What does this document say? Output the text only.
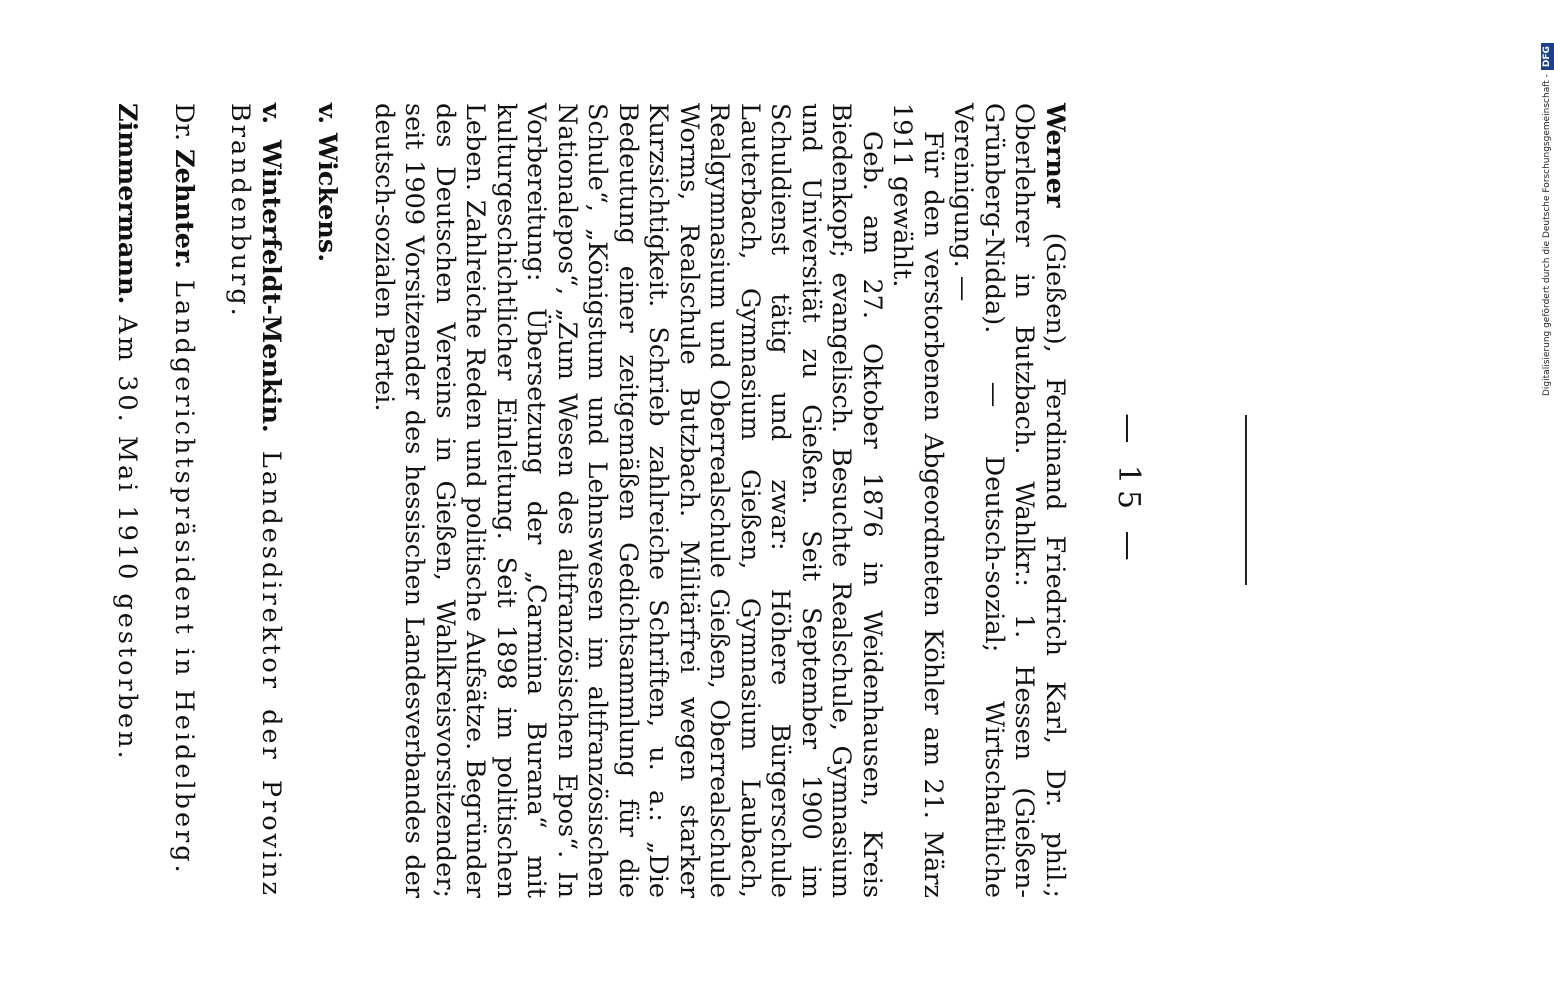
— 15 —

Werner (Gießen), Ferdinand Friedrich Karl, Dr. phil.; Oberlehrer in Butzbach. Wahlkr.: 1. Hessen (Gießen-Grünberg-Nidda). — Deutsch-sozial; Wirtschaftliche Vereinigung. —

Für den verstorbenen Abgeordneten Köhler am 21. März 1911 gewählt.

Geb. am 27. Oktober 1876 in Weidenhausen, Kreis Biedenkopf; evangelisch. Besuchte Realschule, Gymnasium und Universität zu Gießen. Seit September 1900 im Schuldienst tätig und zwar: Höhere Bürgerschule Lauterbach, Gymnasium Gießen, Gymnasium Laubach, Realgymnasium und Oberrealschule Gießen, Oberrealschule Worms, Realschule Butzbach. Militärfrei wegen starker Kurzsichtigkeit. Schrieb zahlreiche Schriften, u. a.: „Die Bedeutung einer zeitgemäßen Gedichtsammlung für die Schule“, „Königstum und Lehnswesen im altfranzösischen Nationalepos“, „Zum Wesen des altfranzösischen Epos“. In Vorbereitung: Übersetzung der „Carmina Burana“ mit kulturgeschichtlicher Einleitung. Seit 1898 im politischen Leben. Zahlreiche Reden und politische Aufsätze. Begründer des Deutschen Vereins in Gießen, Wahlkreisvorsitzender; seit 1909 Vorsitzender des hessischen Landesverbandes der deutsch-sozialen Partei.

v. Wickens.

v. Winterfeldt-Menkin. Landesdirektor der Provinz Brandenburg.

Dr. Zehnter. Landgerichtspräsident in Heidelberg.

Zimmermann. Am 30. Mai 1910 gestorben.

Digitalisierung gefördert durch die Deutsche Forschungsgemeinschaft -
DFG
